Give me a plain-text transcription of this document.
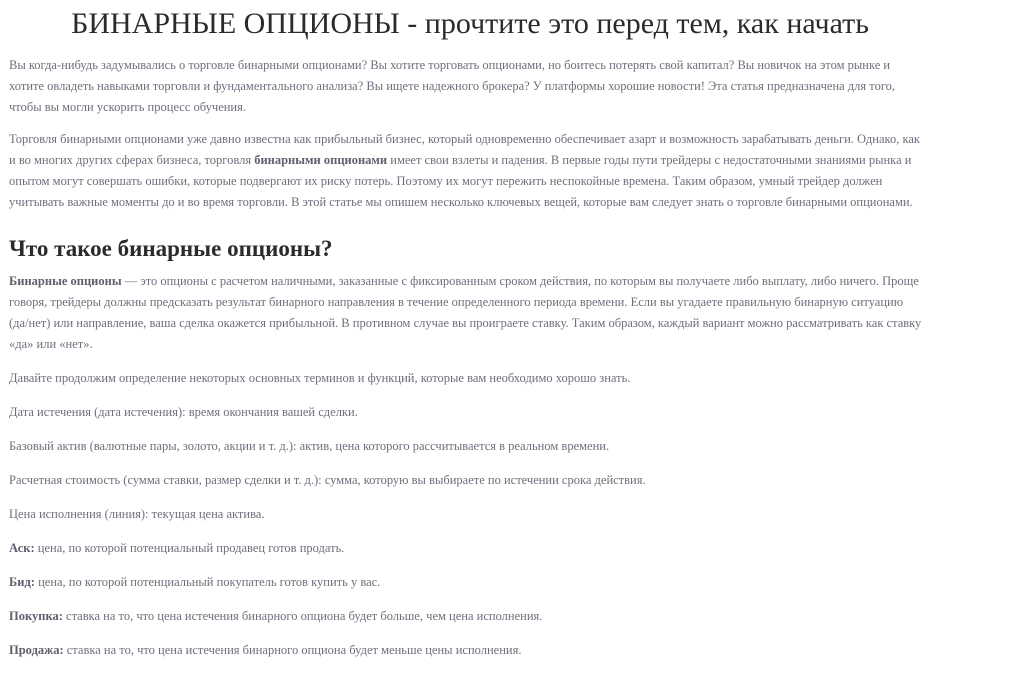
БИНАРНЫЕ ОПЦИОНЫ - прочтите это перед тем, как начать

Вы когда-нибудь задумывались о торговле бинарными опционами? Вы хотите торговать опционами, но боитесь потерять свой капитал? Вы новичок на этом рынке и хотите овладеть навыками торговли и фундаментального анализа? Вы ищете надежного брокера? У платформы хорошие новости! Эта статья предназначена для того, чтобы вы могли ускорить процесс обучения.

Торговля бинарными опционами уже давно известна как прибыльный бизнес, который одновременно обеспечивает азарт и возможность зарабатывать деньги. Однако, как и во многих других сферах бизнеса, торговля бинарными опционами имеет свои взлеты и падения. В первые годы пути трейдеры с недостаточными знаниями рынка и опытом могут совершать ошибки, которые подвергают их риску потерь. Поэтому их могут пережить неспокойные времена. Таким образом, умный трейдер должен учитывать важные моменты до и во время торговли. В этой статье мы опишем несколько ключевых вещей, которые вам следует знать о торговле бинарными опционами.

Что такое бинарные опционы?

Бинарные опционы — это опционы с расчетом наличными, заказанные с фиксированным сроком действия, по которым вы получаете либо выплату, либо ничего. Проще говоря, трейдеры должны предсказать результат бинарного направления в течение определенного периода времени. Если вы угадаете правильную бинарную ситуацию (да/нет) или направление, ваша сделка окажется прибыльной. В противном случае вы проиграете ставку. Таким образом, каждый вариант можно рассматривать как ставку «да» или «нет».

Давайте продолжим определение некоторых основных терминов и функций, которые вам необходимо хорошо знать.

Дата истечения (дата истечения): время окончания вашей сделки.

Базовый актив (валютные пары, золото, акции и т. д.): актив, цена которого рассчитывается в реальном времени.

Расчетная стоимость (сумма ставки, размер сделки и т. д.): сумма, которую вы выбираете по истечении срока действия.

Цена исполнения (линия): текущая цена актива.

Аск: цена, по которой потенциальный продавец готов продать.

Бид: цена, по которой потенциальный покупатель готов купить у вас.

Покупка: ставка на то, что цена истечения бинарного опциона будет больше, чем цена исполнения.

Продажа: ставка на то, что цена истечения бинарного опциона будет меньше цены исполнения.
